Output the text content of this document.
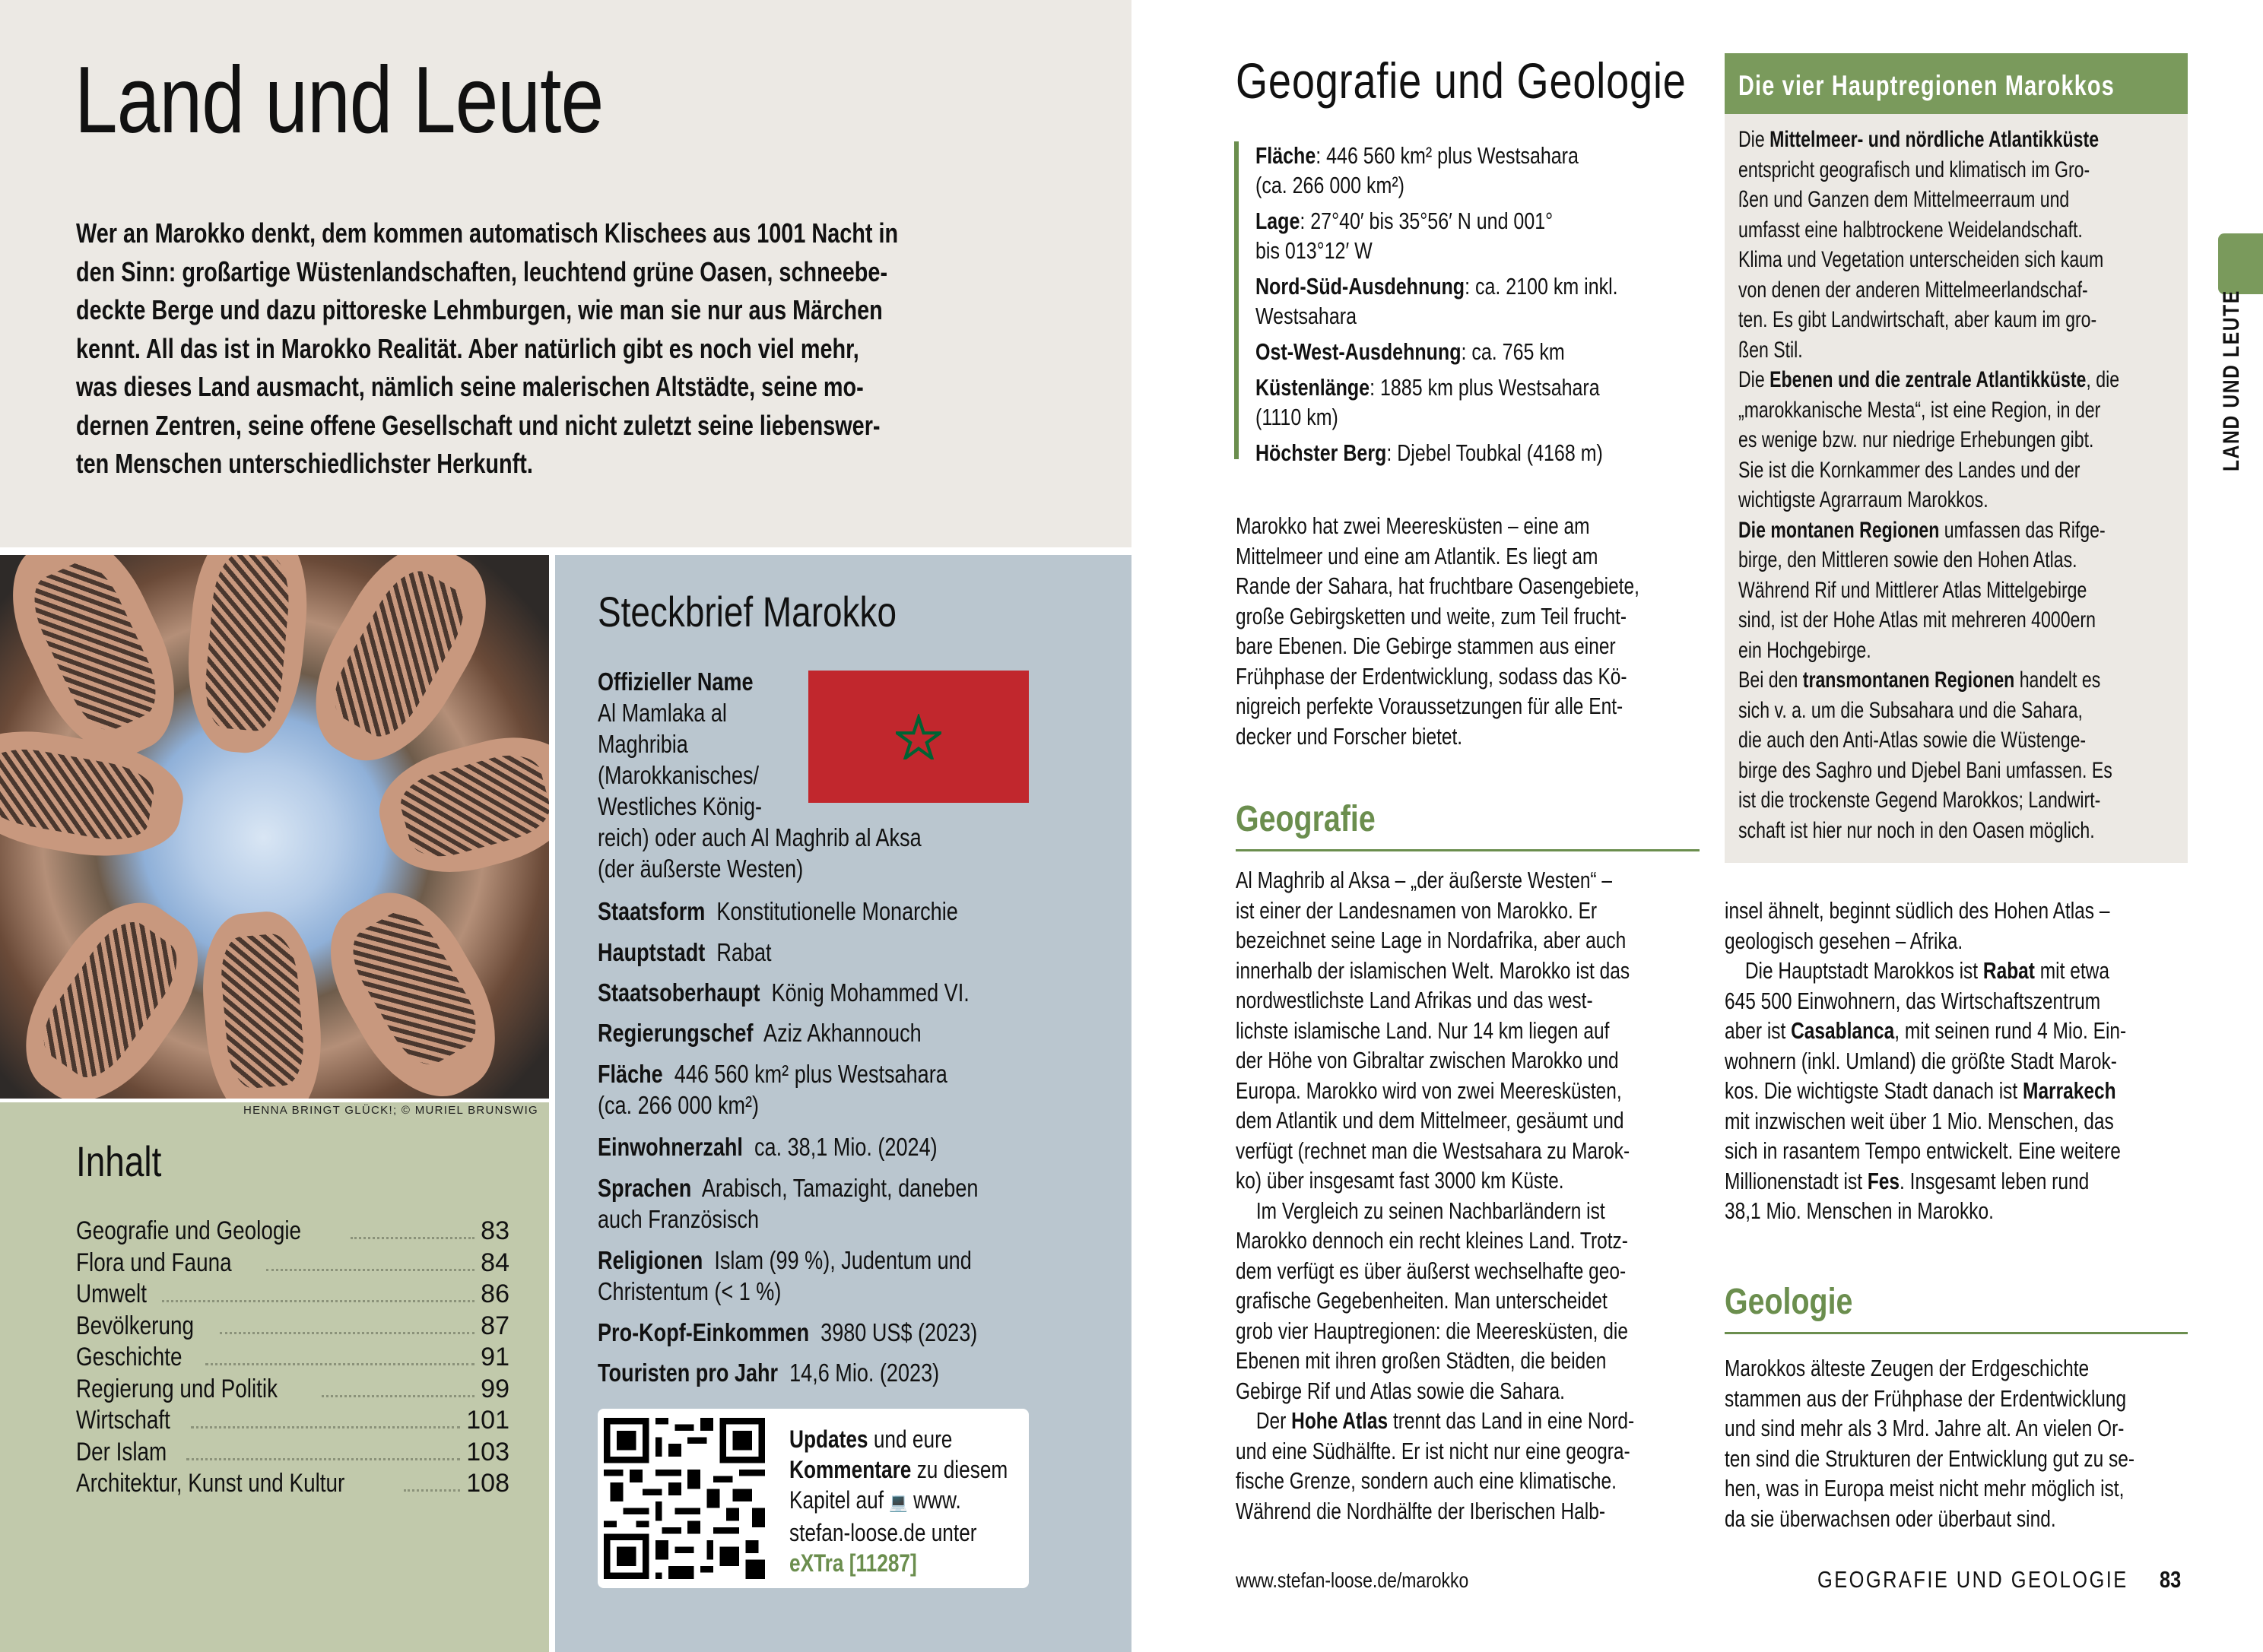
Land und Leute
Wer an Marokko denkt, dem kommen automatisch Klischees aus 1001 Nacht in
den Sinn: großartige Wüstenlandschaften, leuchtend grüne Oasen, schneebe-
deckte Berge und dazu pittoreske Lehmburgen, wie man sie nur aus Märchen
kennt. All das ist in Marokko Realität. Aber natürlich gibt es noch viel mehr,
was dieses Land ausmacht, nämlich seine malerischen Altstädte, seine mo-
dernen Zentren, seine offene Gesellschaft und nicht zuletzt seine liebenswer-
ten Menschen unterschiedlichster Herkunft.
HENNA BRINGT GLÜCK!; © MURIEL BRUNSWIG
Inhalt
Geografie und Geologie	83
Flora und Fauna	84
Umwelt	86
Bevölkerung	87
Geschichte	91
Regierung und Politik	99
Wirtschaft	101
Der Islam	103
Architektur, Kunst und Kultur	108
Steckbrief Marokko
Offizieller Name
Al Mamlaka al
Maghribia
(Marokkanisches/
Westliches König-
reich) oder auch Al Maghrib al Aksa
(der äußerste Westen)
Staatsform Konstitutionelle Monarchie
Hauptstadt Rabat
Staatsoberhaupt König Mohammed VI.
Regierungschef Aziz Akhannouch
Fläche 446 560 km² plus Westsahara
(ca. 266 000 km²)
Einwohnerzahl ca. 38,1 Mio. (2024)
Sprachen Arabisch, Tamazight, daneben
auch Französisch
Religionen Islam (99 %), Judentum und
Christentum (< 1 %)
Pro-Kopf-Einkommen 3980 US$ (2023)
Touristen pro Jahr 14,6 Mio. (2023)
Updates und eure
Kommentare zu diesem
Kapitel auf 💻 www.
stefan-loose.de unter
eXTra [11287]
Geografie und Geologie
Fläche: 446 560 km² plus Westsahara
(ca. 266 000 km²)
Lage: 27°40′ bis 35°56′ N und 001°
bis 013°12′ W
Nord-Süd-Ausdehnung: ca. 2100 km inkl.
Westsahara
Ost-West-Ausdehnung: ca. 765 km
Küstenlänge: 1885 km plus Westsahara
(1110 km)
Höchster Berg: Djebel Toubkal (4168 m)
Marokko hat zwei Meeresküsten – eine am
Mittelmeer und eine am Atlantik. Es liegt am
Rande der Sahara, hat fruchtbare Oasengebiete,
große Gebirgsketten und weite, zum Teil frucht-
bare Ebenen. Die Gebirge stammen aus einer
Frühphase der Erdentwicklung, sodass das Kö-
nigreich perfekte Voraussetzungen für alle Ent-
decker und Forscher bietet.
Geografie
Al Maghrib al Aksa – „der äußerste Westen“ –
ist einer der Landesnamen von Marokko. Er
bezeichnet seine Lage in Nordafrika, aber auch
innerhalb der islamischen Welt. Marokko ist das
nordwestlichste Land Afrikas und das west-
lichste islamische Land. Nur 14 km liegen auf
der Höhe von Gibraltar zwischen Marokko und
Europa. Marokko wird von zwei Meeresküsten,
dem Atlantik und dem Mittelmeer, gesäumt und
verfügt (rechnet man die Westsahara zu Marok-
ko) über insgesamt fast 3000 km Küste.
Im Vergleich zu seinen Nachbarländern ist
Marokko dennoch ein recht kleines Land. Trotz-
dem verfügt es über äußerst wechselhafte geo-
grafische Gegebenheiten. Man unterscheidet
grob vier Hauptregionen: die Meeresküsten, die
Ebenen mit ihren großen Städten, die beiden
Gebirge Rif und Atlas sowie die Sahara.
Der Hohe Atlas trennt das Land in eine Nord-
und eine Südhälfte. Er ist nicht nur eine geogra-
fische Grenze, sondern auch eine klimatische.
Während die Nordhälfte der Iberischen Halb-
insel ähnelt, beginnt südlich des Hohen Atlas –
geologisch gesehen – Afrika.
Die Hauptstadt Marokkos ist Rabat mit etwa
645 500 Einwohnern, das Wirtschaftszentrum
aber ist Casablanca, mit seinen rund 4 Mio. Ein-
wohnern (inkl. Umland) die größte Stadt Marok-
kos. Die wichtigste Stadt danach ist Marrakech
mit inzwischen weit über 1 Mio. Menschen, das
sich in rasantem Tempo entwickelt. Eine weitere
Millionenstadt ist Fes. Insgesamt leben rund
38,1 Mio. Menschen in Marokko.
Geologie
Marokkos älteste Zeugen der Erdgeschichte
stammen aus der Frühphase der Erdentwicklung
und sind mehr als 3 Mrd. Jahre alt. An vielen Or-
ten sind die Strukturen der Entwicklung gut zu se-
hen, was in Europa meist nicht mehr möglich ist,
da sie überwachsen oder überbaut sind.
Die vier Hauptregionen Marokkos
Die Mittelmeer- und nördliche Atlantikküste
entspricht geografisch und klimatisch im Gro-
ßen und Ganzen dem Mittelmeerraum und
umfasst eine halbtrockene Weidelandschaft.
Klima und Vegetation unterscheiden sich kaum
von denen der anderen Mittelmeerlandschaf-
ten. Es gibt Landwirtschaft, aber kaum im gro-
ßen Stil.
Die Ebenen und die zentrale Atlantikküste, die
„marokkanische Mesta“, ist eine Region, in der
es wenige bzw. nur niedrige Erhebungen gibt.
Sie ist die Kornkammer des Landes und der
wichtigste Agrarraum Marokkos.
Die montanen Regionen umfassen das Rifge-
birge, den Mittleren sowie den Hohen Atlas.
Während Rif und Mittlerer Atlas Mittelgebirge
sind, ist der Hohe Atlas mit mehreren 4000ern
ein Hochgebirge.
Bei den transmontanen Regionen handelt es
sich v. a. um die Subsahara und die Sahara,
die auch den Anti-Atlas sowie die Wüstenge-
birge des Saghro und Djebel Bani umfassen. Es
ist die trockenste Gegend Marokkos; Landwirt-
schaft ist hier nur noch in den Oasen möglich.
www.stefan-loose.de/marokko	GEOGRAFIE UND GEOLOGIE 83
LAND UND LEUTE
